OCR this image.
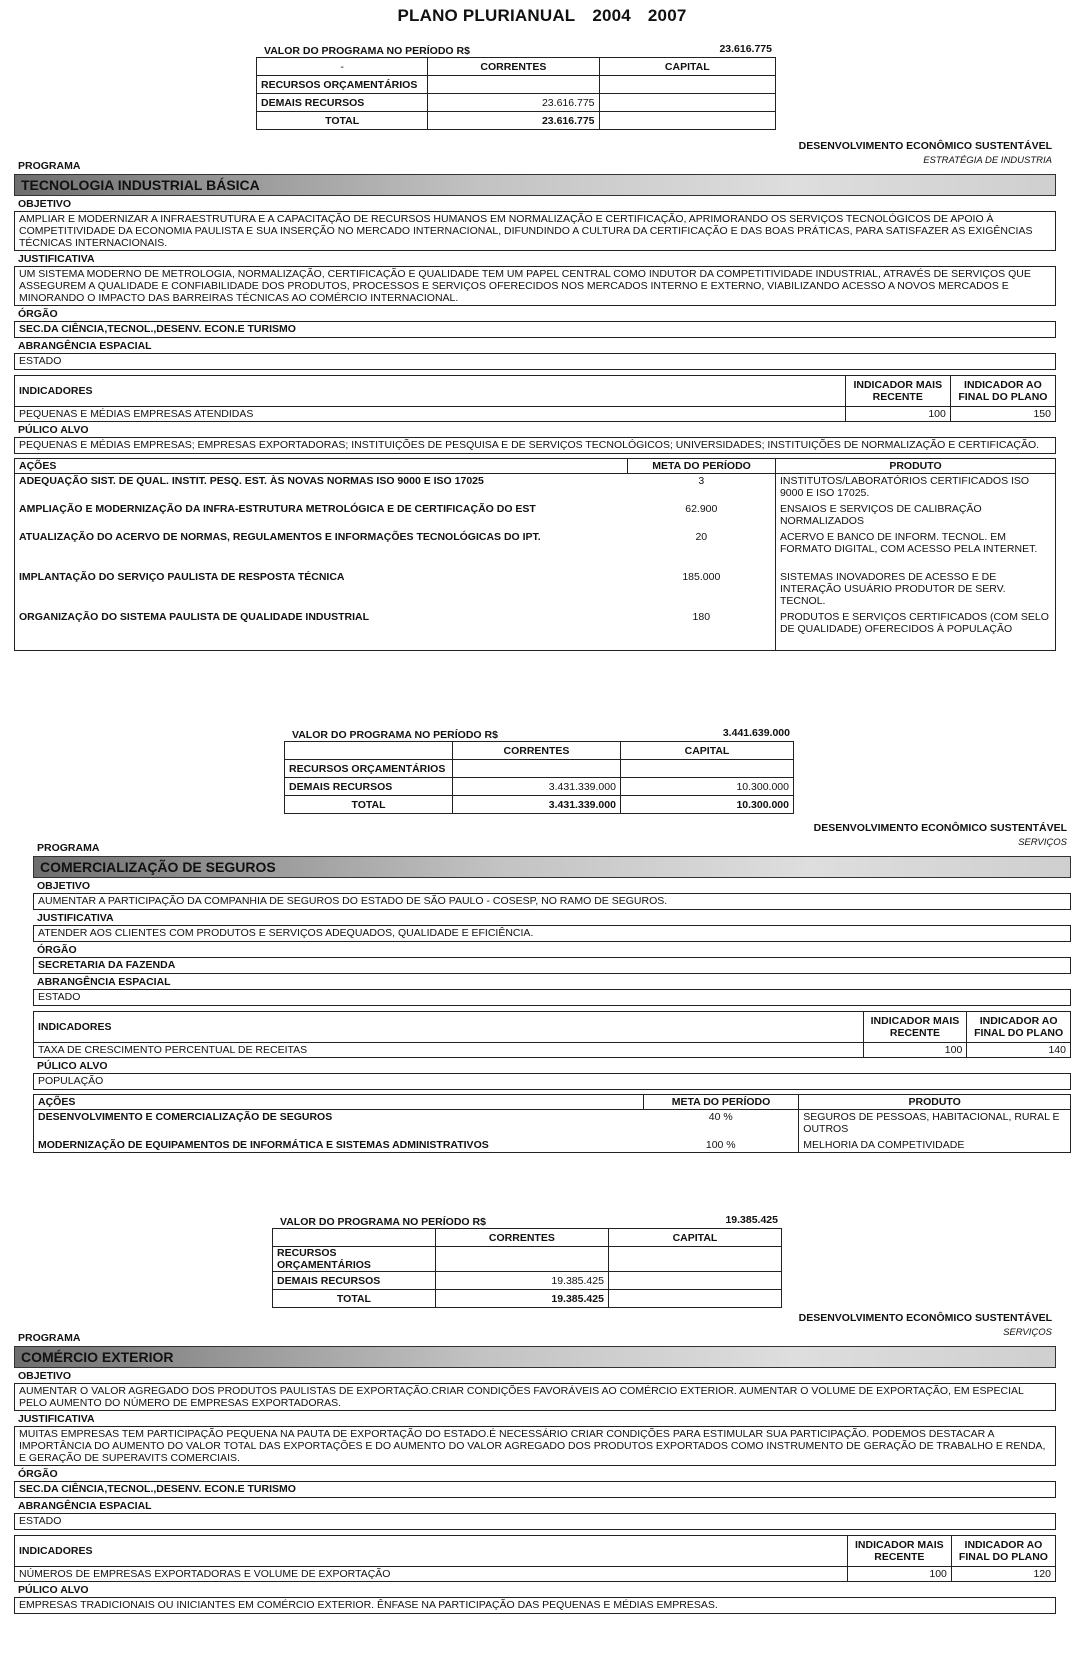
PLANO PLURIANUAL 2004 2007
VALOR DO PROGRAMA NO PERÍODO R$	23.616.775
-	CORRENTES	CAPITAL
RECURSOS ORÇAMENTÁRIOS		
DEMAIS RECURSOS	23.616.775	
TOTAL	23.616.775	
DESENVOLVIMENTO ECONÔMICO SUSTENTÁVEL
ESTRATÉGIA DE INDUSTRIA
PROGRAMA
TECNOLOGIA INDUSTRIAL BÁSICA
OBJETIVO
AMPLIAR E MODERNIZAR A INFRAESTRUTURA E A CAPACITAÇÃO DE RECURSOS HUMANOS EM NORMALIZAÇÃO E CERTIFICAÇÃO, APRIMORANDO OS SERVIÇOS TECNOLÓGICOS DE APOIO À COMPETITIVIDADE DA ECONOMIA PAULISTA E SUA INSERÇÃO NO MERCADO INTERNACIONAL, DIFUNDINDO A CULTURA DA CERTIFICAÇÃO E DAS BOAS PRÁTICAS, PARA SATISFAZER AS EXIGÊNCIAS TÉCNICAS INTERNACIONAIS.
JUSTIFICATIVA
UM SISTEMA MODERNO DE METROLOGIA, NORMALIZAÇÃO, CERTIFICAÇÃO E QUALIDADE TEM UM PAPEL CENTRAL COMO INDUTOR DA COMPETITIVIDADE INDUSTRIAL, ATRAVÉS DE SERVIÇOS QUE ASSEGUREM A QUALIDADE E CONFIABILIDADE DOS PRODUTOS, PROCESSOS E SERVIÇOS OFERECIDOS NOS MERCADOS INTERNO E EXTERNO, VIABILIZANDO ACESSO A NOVOS MERCADOS E MINORANDO O IMPACTO DAS BARREIRAS TÉCNICAS AO COMÉRCIO INTERNACIONAL.
ÓRGÃO
SEC.DA CIÊNCIA,TECNOL.,DESENV. ECON.E TURISMO
ABRANGÊNCIA ESPACIAL
ESTADO
INDICADORES	INDICADOR MAIS RECENTE	INDICADOR AO FINAL DO PLANO
PEQUENAS E MÉDIAS EMPRESAS ATENDIDAS	100	150
PÚLICO ALVO
PEQUENAS E MÉDIAS EMPRESAS; EMPRESAS EXPORTADORAS; INSTITUIÇÕES DE PESQUISA E DE SERVIÇOS TECNOLÓGICOS; UNIVERSIDADES; INSTITUIÇÕES DE NORMALIZAÇÃO E CERTIFICAÇÃO.
AÇÕES	META DO PERÍODO	PRODUTO
ADEQUAÇÃO SIST. DE QUAL. INSTIT. PESQ. EST. ÀS NOVAS NORMAS ISO 9000 E ISO 17025	3	INSTITUTOS/LABORATÓRIOS CERTIFICADOS ISO 9000 E ISO 17025.
AMPLIAÇÃO E MODERNIZAÇÃO DA INFRA-ESTRUTURA METROLÓGICA E DE CERTIFICAÇÃO DO EST	62.900	ENSAIOS E SERVIÇOS DE CALIBRAÇÃO NORMALIZADOS
ATUALIZAÇÃO DO ACERVO DE NORMAS, REGULAMENTOS E INFORMAÇÕES TECNOLÓGICAS DO IPT.	20	ACERVO E BANCO DE INFORM. TECNOL. EM FORMATO DIGITAL, COM ACESSO PELA INTERNET.
IMPLANTAÇÃO DO SERVIÇO PAULISTA DE RESPOSTA TÉCNICA	185.000	SISTEMAS INOVADORES DE ACESSO E DE INTERAÇÃO USUÁRIO PRODUTOR DE SERV. TECNOL.
ORGANIZAÇÃO DO SISTEMA PAULISTA DE QUALIDADE INDUSTRIAL	180	PRODUTOS E SERVIÇOS CERTIFICADOS (COM SELO DE QUALIDADE) OFERECIDOS À POPULAÇÃO
VALOR DO PROGRAMA NO PERÍODO R$	3.441.639.000
	CORRENTES	CAPITAL
RECURSOS ORÇAMENTÁRIOS		
DEMAIS RECURSOS	3.431.339.000	10.300.000
TOTAL	3.431.339.000	10.300.000
DESENVOLVIMENTO ECONÔMICO SUSTENTÁVEL
SERVIÇOS
PROGRAMA
COMERCIALIZAÇÃO DE SEGUROS
OBJETIVO
AUMENTAR A PARTICIPAÇÃO DA COMPANHIA DE SEGUROS DO ESTADO DE SÃO PAULO - COSESP, NO RAMO DE SEGUROS.
JUSTIFICATIVA
ATENDER AOS CLIENTES COM PRODUTOS E SERVIÇOS ADEQUADOS, QUALIDADE E EFICIÊNCIA.
ÓRGÃO
SECRETARIA DA FAZENDA
ABRANGÊNCIA ESPACIAL
ESTADO
INDICADORES	INDICADOR MAIS RECENTE	INDICADOR AO FINAL DO PLANO
TAXA DE CRESCIMENTO PERCENTUAL DE RECEITAS	100	140
PÚLICO ALVO
POPULAÇÃO
AÇÕES	META DO PERÍODO	PRODUTO
DESENVOLVIMENTO E COMERCIALIZAÇÃO DE SEGUROS	40 %	SEGUROS DE PESSOAS, HABITACIONAL, RURAL E OUTROS
MODERNIZAÇÃO DE EQUIPAMENTOS DE INFORMÁTICA E SISTEMAS ADMINISTRATIVOS	100 %	MELHORIA DA COMPETIVIDADE
VALOR DO PROGRAMA NO PERÍODO R$	19.385.425
	CORRENTES	CAPITAL
RECURSOS ORÇAMENTÁRIOS		
DEMAIS RECURSOS	19.385.425	
TOTAL	19.385.425	
DESENVOLVIMENTO ECONÔMICO SUSTENTÁVEL
SERVIÇOS
PROGRAMA
COMÉRCIO EXTERIOR
OBJETIVO
AUMENTAR O VALOR AGREGADO DOS PRODUTOS PAULISTAS DE EXPORTAÇÃO.CRIAR CONDIÇÕES FAVORÁVEIS AO COMÉRCIO EXTERIOR. AUMENTAR O VOLUME DE EXPORTAÇÃO, EM ESPECIAL PELO AUMENTO DO NÚMERO DE EMPRESAS EXPORTADORAS.
JUSTIFICATIVA
MUITAS EMPRESAS TEM PARTICIPAÇÃO PEQUENA NA PAUTA DE EXPORTAÇÃO DO ESTADO.É NECESSÁRIO CRIAR CONDIÇÕES PARA ESTIMULAR SUA PARTICIPAÇÃO. PODEMOS DESTACAR A IMPORTÂNCIA DO AUMENTO DO VALOR TOTAL DAS EXPORTAÇÕES E DO AUMENTO DO VALOR AGREGADO DOS PRODUTOS EXPORTADOS COMO INSTRUMENTO DE GERAÇÃO DE TRABALHO E RENDA, E GERAÇÃO DE SUPERAVITS COMERCIAIS.
ÓRGÃO
SEC.DA CIÊNCIA,TECNOL.,DESENV. ECON.E TURISMO
ABRANGÊNCIA ESPACIAL
ESTADO
INDICADORES	INDICADOR MAIS RECENTE	INDICADOR AO FINAL DO PLANO
NÚMEROS DE EMPRESAS EXPORTADORAS E VOLUME DE EXPORTAÇÃO	100	120
PÚLICO ALVO
EMPRESAS TRADICIONAIS OU INICIANTES EM COMÉRCIO EXTERIOR. ÊNFASE NA PARTICIPAÇÃO DAS PEQUENAS E MÉDIAS EMPRESAS.
